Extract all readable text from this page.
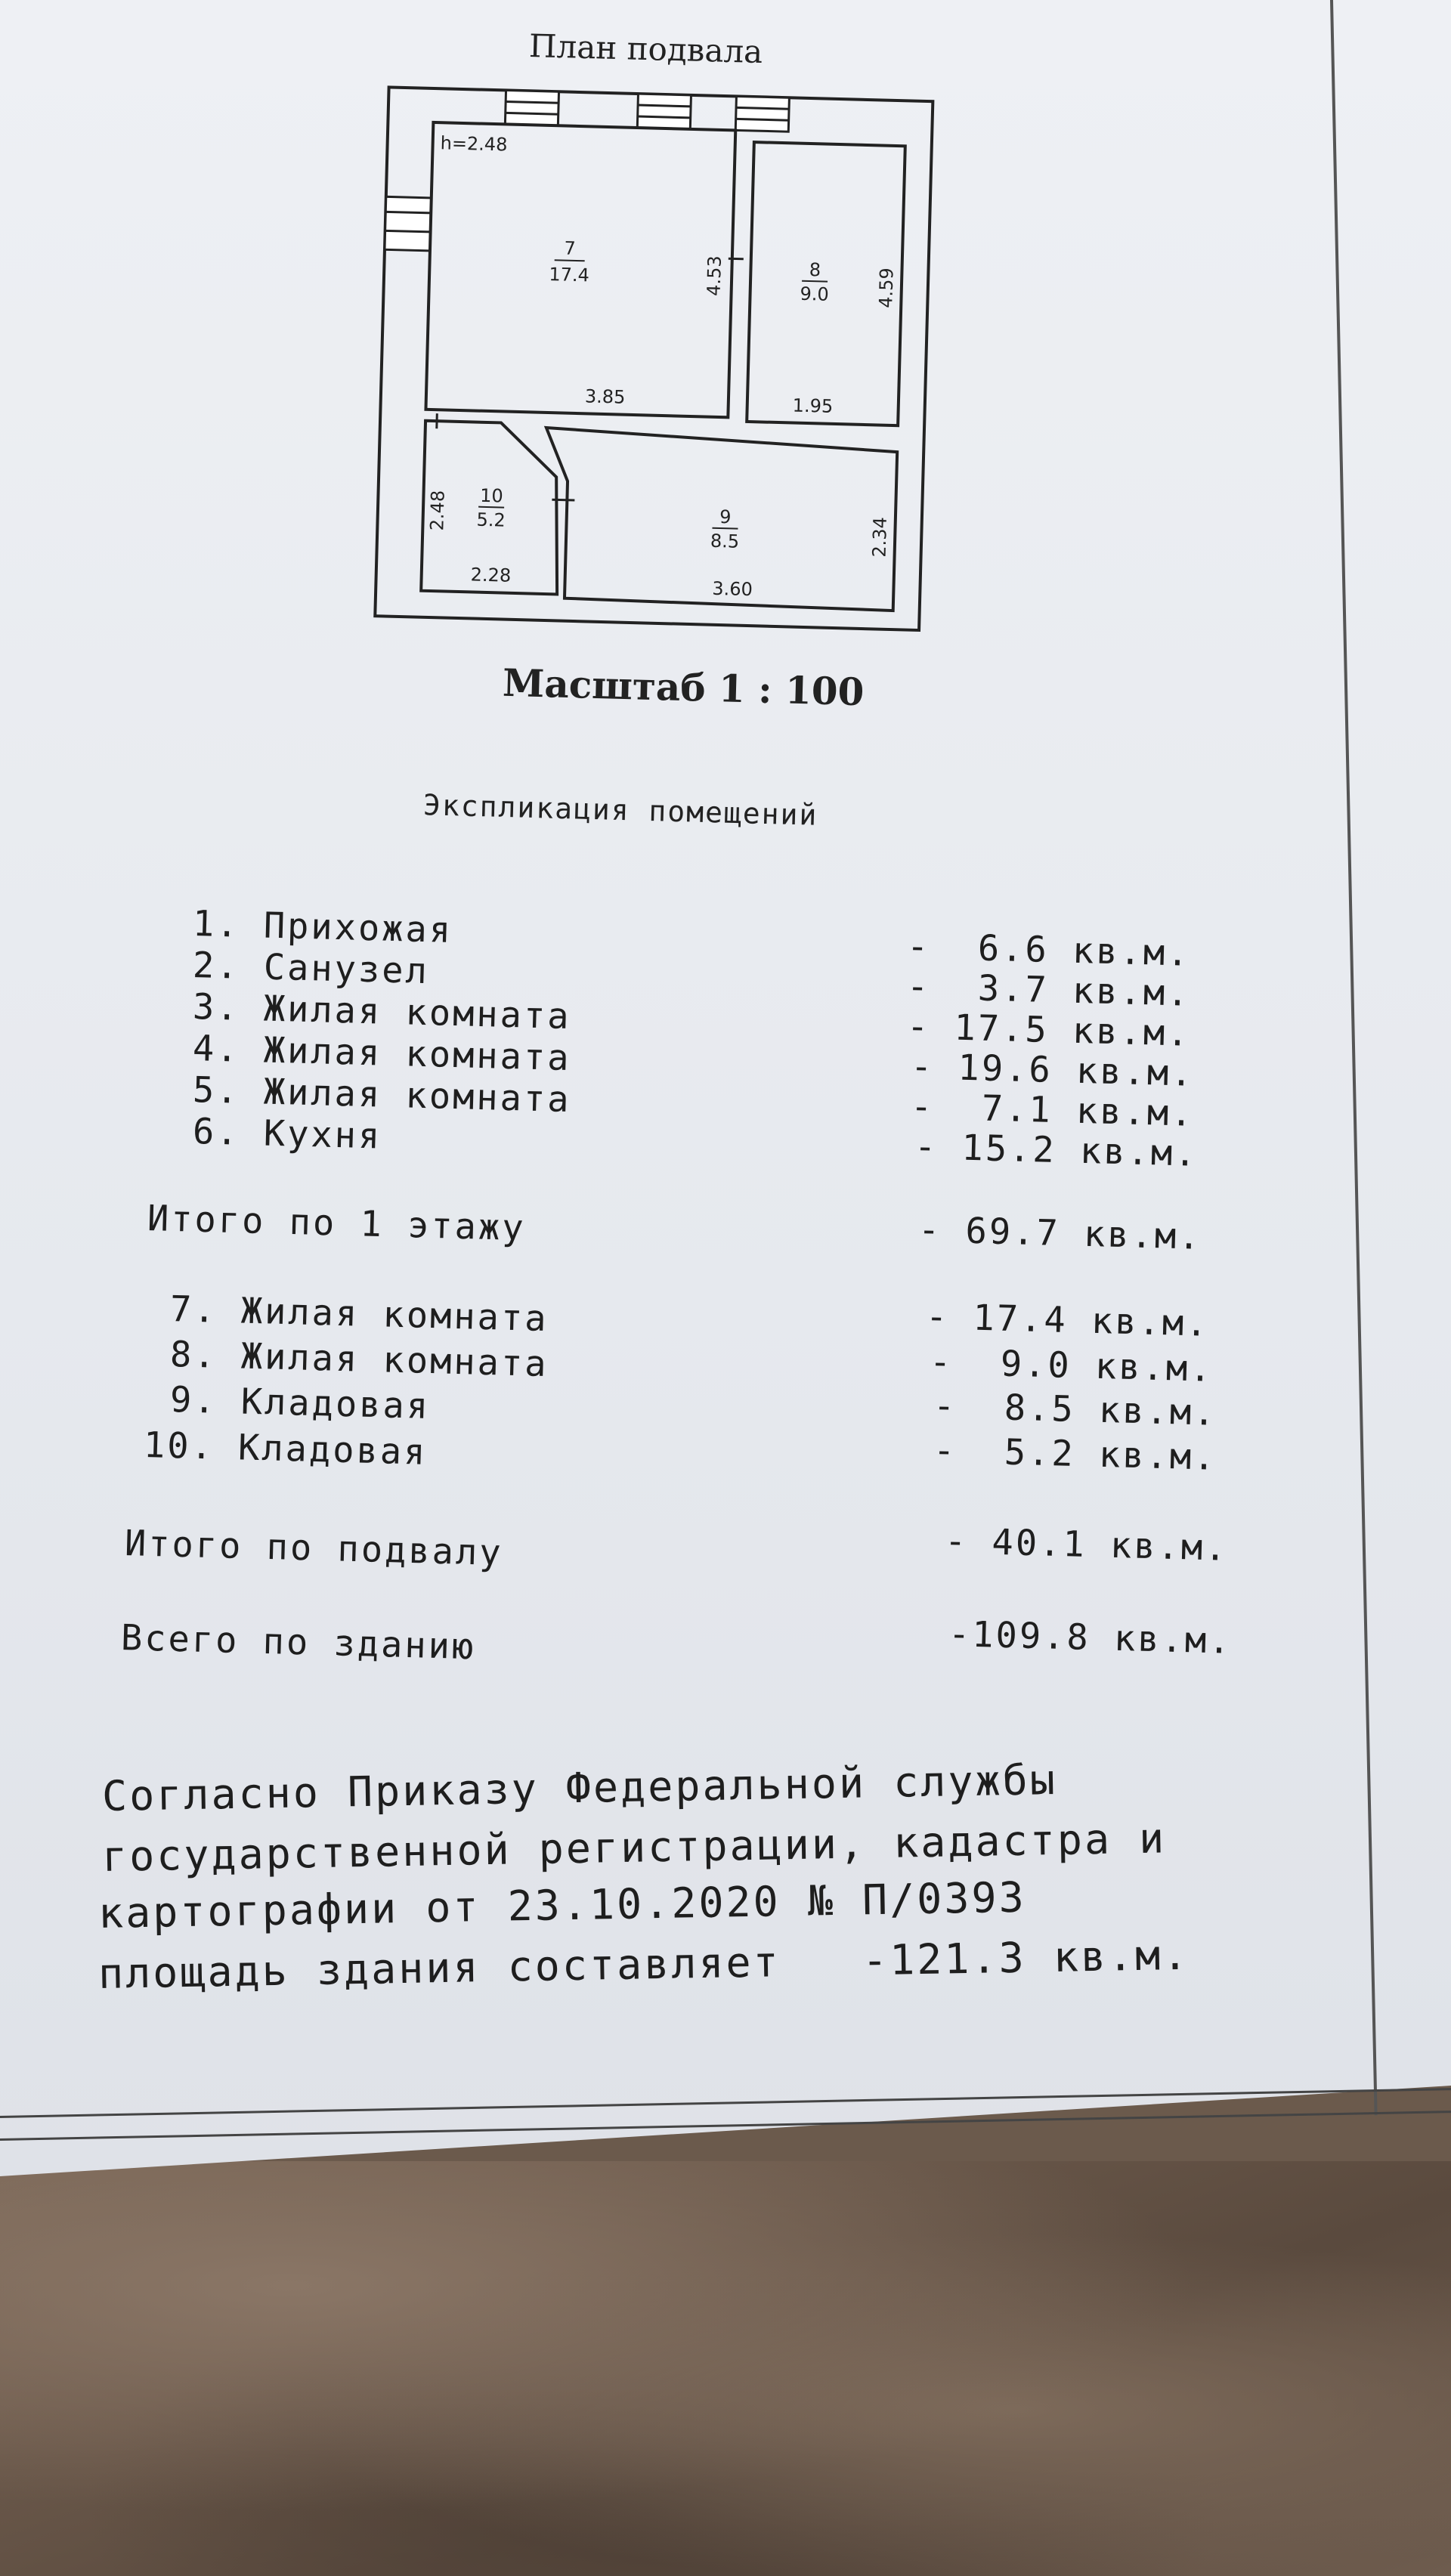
План подвала
h=2.48
7
17.4	8
9.0
10
5.2	9
8.5
4.53
3.85
4.59
1.95
2.48
2.28
2.34
3.60
Масштаб 1 : 100
Экспликация помещений
1. Прихожая	-  6.6 кв.м.
2. Санузел	-  3.7 кв.м.
3. Жилая комната	- 17.5 кв.м.
4. Жилая комната	- 19.6 кв.м.
5. Жилая комната	-  7.1 кв.м.
6. Кухня	- 15.2 кв.м.
Итого по 1 этажу	- 69.7 кв.м.
7. Жилая комната	- 17.4 кв.м.
8. Жилая комната	-  9.0 кв.м.
9. Кладовая	-  8.5 кв.м.
10. Кладовая	-  5.2 кв.м.
Итого по подвалу	- 40.1 кв.м.
Всего по зданию	-109.8 кв.м.
Согласно Приказу Федеральной службы
государственной регистрации, кадастра и
картографии от 23.10.2020 № П/0393
площадь здания составляет   -121.3 кв.м.
